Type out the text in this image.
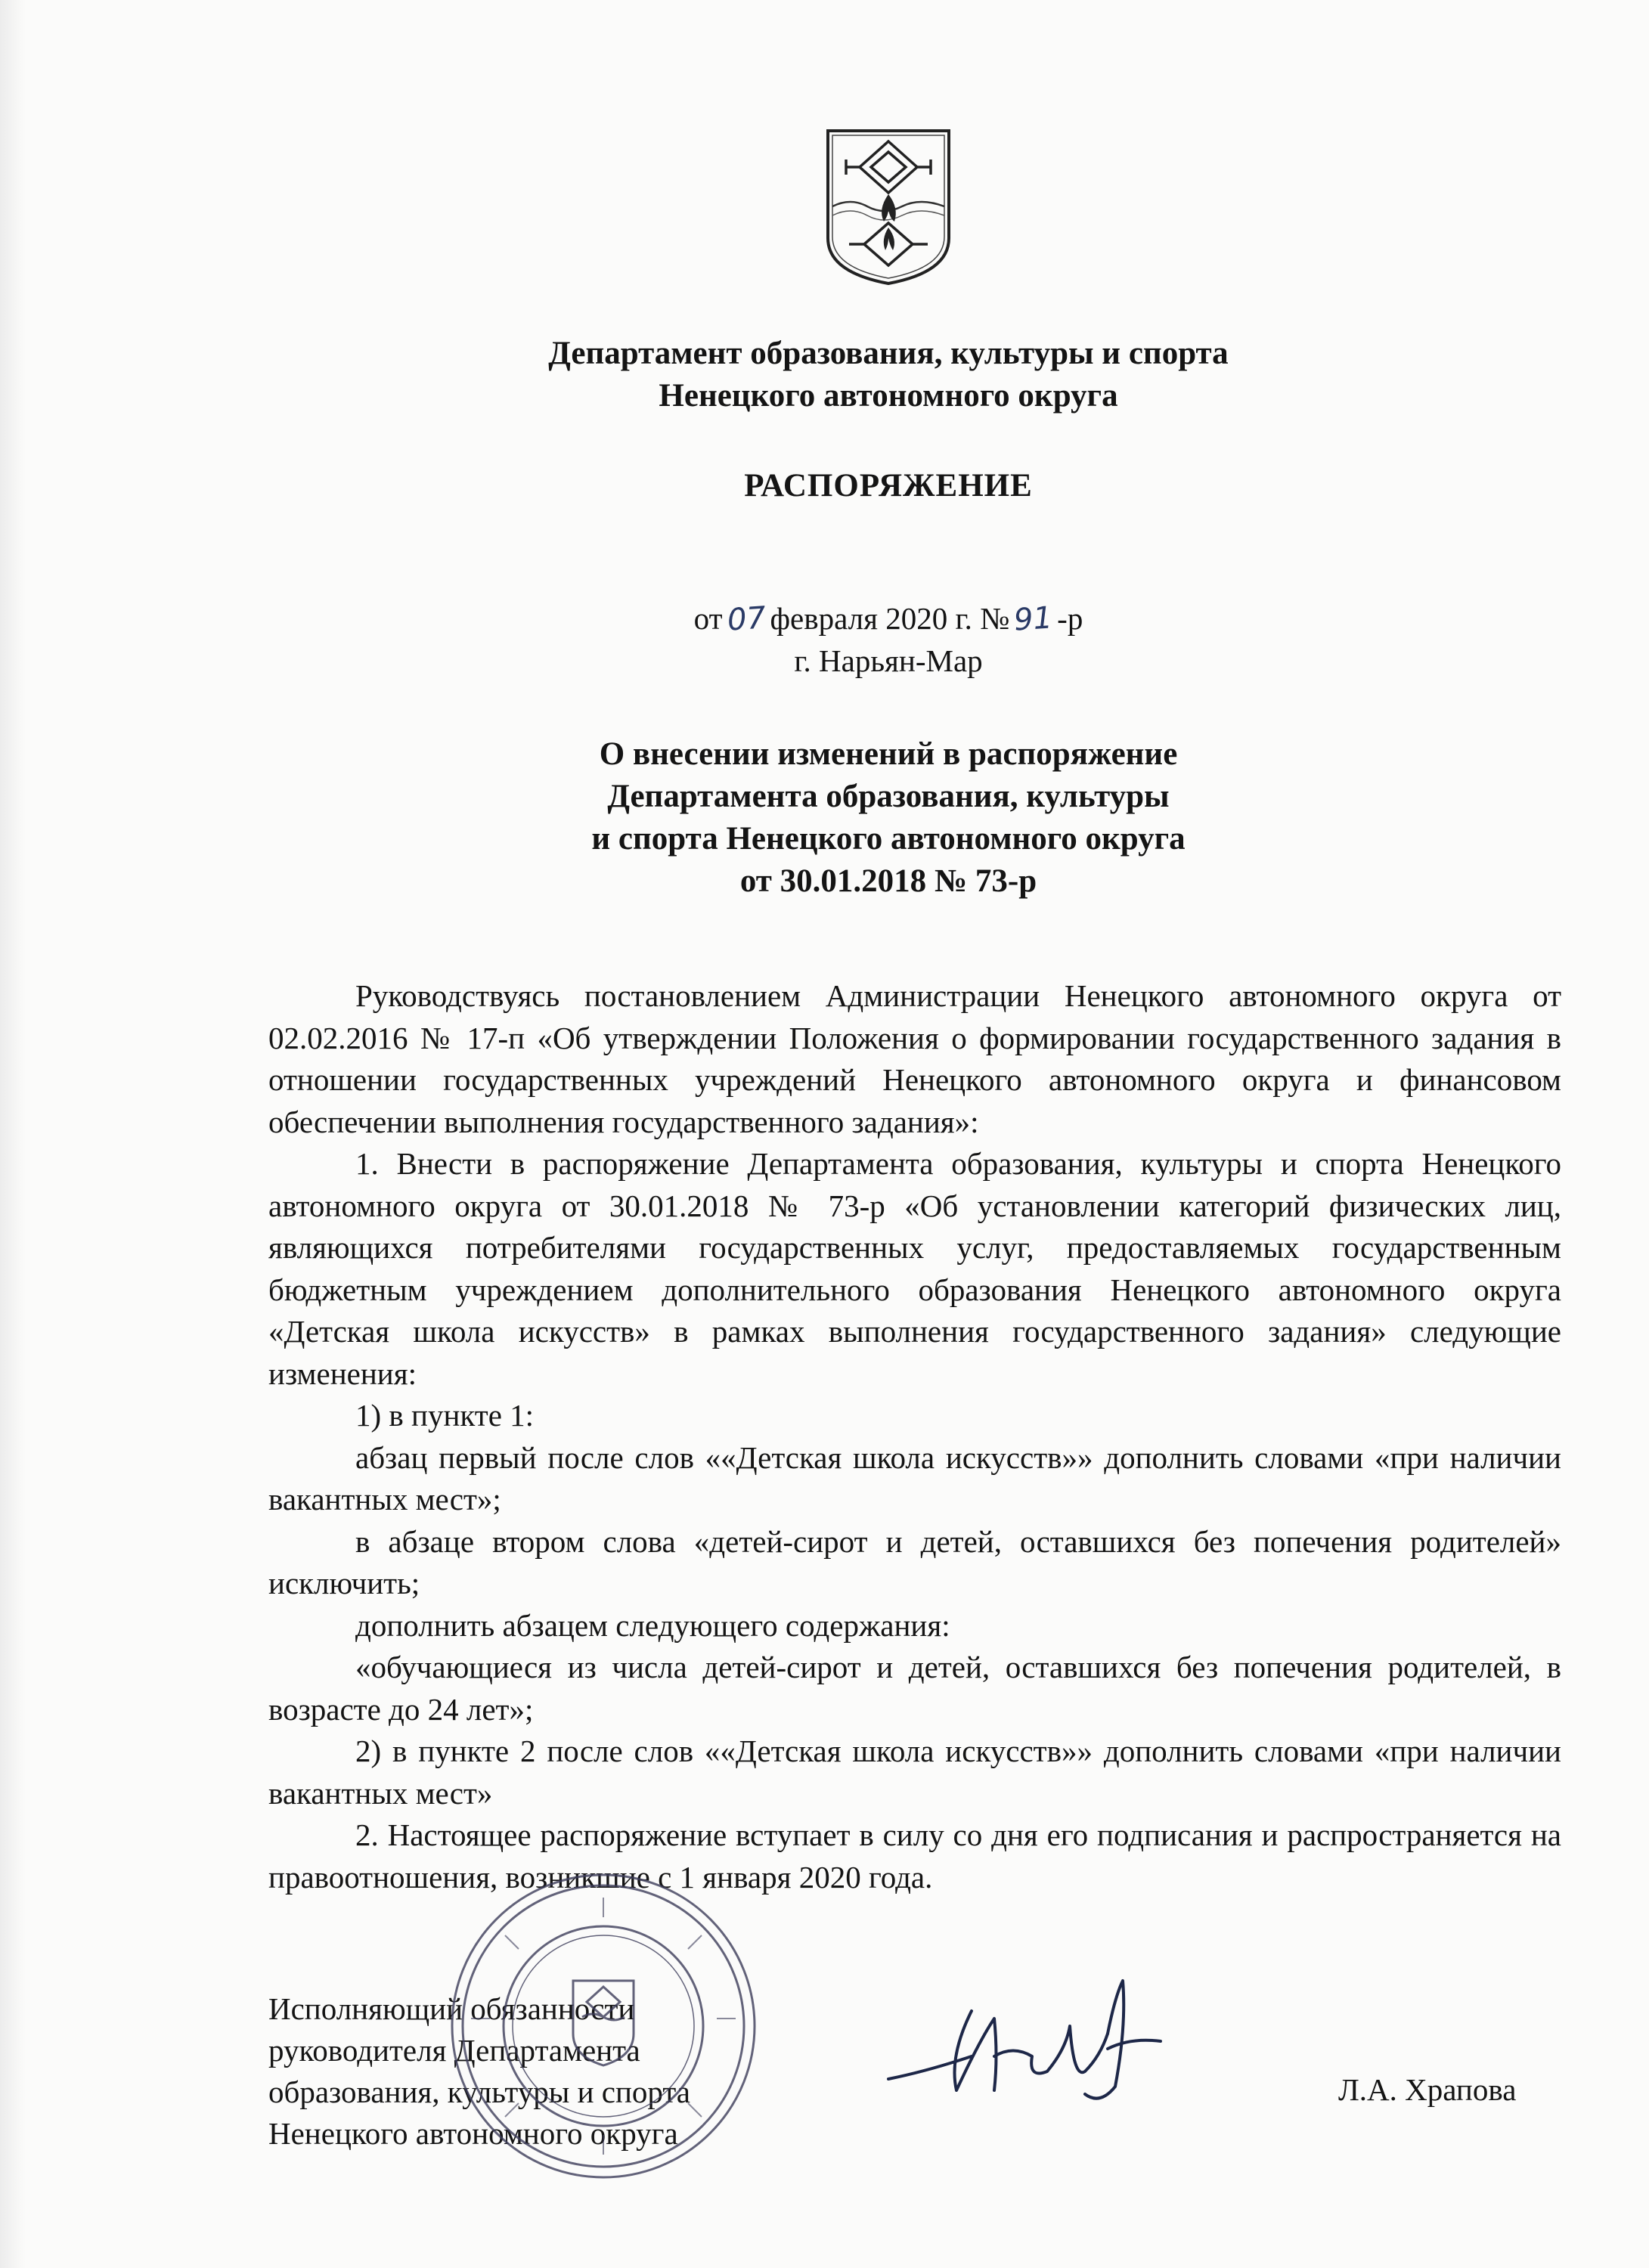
Департамент образования, культуры и спорта
Ненецкого автономного округа
РАСПОРЯЖЕНИЕ
от 07 февраля 2020 г. № 91 -р
г. Нарьян-Мар
О внесении изменений в распоряжение
Департамента образования, культуры
и спорта Ненецкого автономного округа
от 30.01.2018 № 73-р

Руководствуясь постановлением Администрации Ненецкого автономного округа от 02.02.2016 № 17-п «Об утверждении Положения о формировании государственного задания в отношении государственных учреждений Ненецкого автономного округа и финансовом обеспечении выполнения государственного задания»:

1. Внести в распоряжение Департамента образования, культуры и спорта Ненецкого автономного округа от 30.01.2018 № 73-р «Об установлении категорий физических лиц, являющихся потребителями государственных услуг, предоставляемых государственным бюджетным учреждением дополнительного образования Ненецкого автономного округа «Детская школа искусств» в рамках выполнения государственного задания» следующие изменения:

1) в пункте 1:

абзац первый после слов ««Детская школа искусств»» дополнить словами «при наличии вакантных мест»;

в абзаце втором слова «детей-сирот и детей, оставшихся без попечения родителей» исключить;

дополнить абзацем следующего содержания:

«обучающиеся из числа детей-сирот и детей, оставшихся без попечения родителей, в возрасте до 24 лет»;

2) в пункте 2 после слов ««Детская школа искусств»» дополнить словами «при наличии вакантных мест»

2. Настоящее распоряжение вступает в силу со дня его подписания и распространяется на правоотношения, возникшие с 1 января 2020 года.

Исполняющий обязанности
руководителя Департамента
образования, культуры и спорта
Ненецкого автономного округа
Л.А. Храпова
